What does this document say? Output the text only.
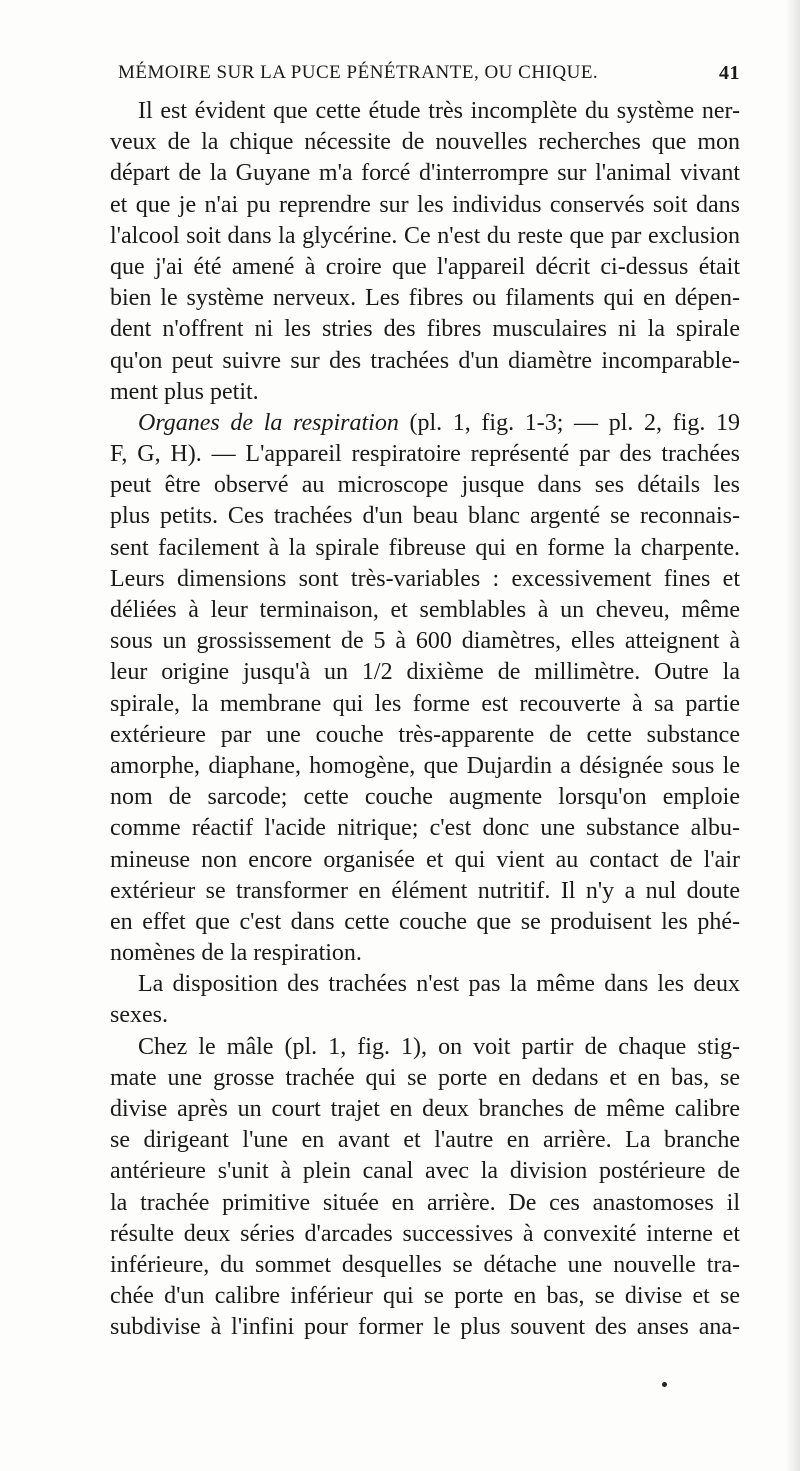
MÉMOIRE SUR LA PUCE PÉNÉTRANTE, OU CHIQUE.	41
Il est évident que cette étude très incomplète du système ner-
veux de la chique nécessite de nouvelles recherches que mon
départ de la Guyane m'a forcé d'interrompre sur l'animal vivant
et que je n'ai pu reprendre sur les individus conservés soit dans
l'alcool soit dans la glycérine. Ce n'est du reste que par exclusion
que j'ai été amené à croire que l'appareil décrit ci-dessus était
bien le système nerveux. Les fibres ou filaments qui en dépen-
dent n'offrent ni les stries des fibres musculaires ni la spirale
qu'on peut suivre sur des trachées d'un diamètre incomparable-
ment plus petit.
Organes de la respiration (pl. 1, fig. 1-3; — pl. 2, fig. 19
F, G, H). — L'appareil respiratoire représenté par des trachées
peut être observé au microscope jusque dans ses détails les
plus petits. Ces trachées d'un beau blanc argenté se reconnais-
sent facilement à la spirale fibreuse qui en forme la charpente.
Leurs dimensions sont très-variables : excessivement fines et
déliées à leur terminaison, et semblables à un cheveu, même
sous un grossissement de 5 à 600 diamètres, elles atteignent à
leur origine jusqu'à un 1/2 dixième de millimètre. Outre la
spirale, la membrane qui les forme est recouverte à sa partie
extérieure par une couche très-apparente de cette substance
amorphe, diaphane, homogène, que Dujardin a désignée sous le
nom de sarcode; cette couche augmente lorsqu'on emploie
comme réactif l'acide nitrique; c'est donc une substance albu-
mineuse non encore organisée et qui vient au contact de l'air
extérieur se transformer en élément nutritif. Il n'y a nul doute
en effet que c'est dans cette couche que se produisent les phé-
nomènes de la respiration.
La disposition des trachées n'est pas la même dans les deux
sexes.
Chez le mâle (pl. 1, fig. 1), on voit partir de chaque stig-
mate une grosse trachée qui se porte en dedans et en bas, se
divise après un court trajet en deux branches de même calibre
se dirigeant l'une en avant et l'autre en arrière. La branche
antérieure s'unit à plein canal avec la division postérieure de
la trachée primitive située en arrière. De ces anastomoses il
résulte deux séries d'arcades successives à convexité interne et
inférieure, du sommet desquelles se détache une nouvelle tra-
chée d'un calibre inférieur qui se porte en bas, se divise et se
subdivise à l'infini pour former le plus souvent des anses ana-
